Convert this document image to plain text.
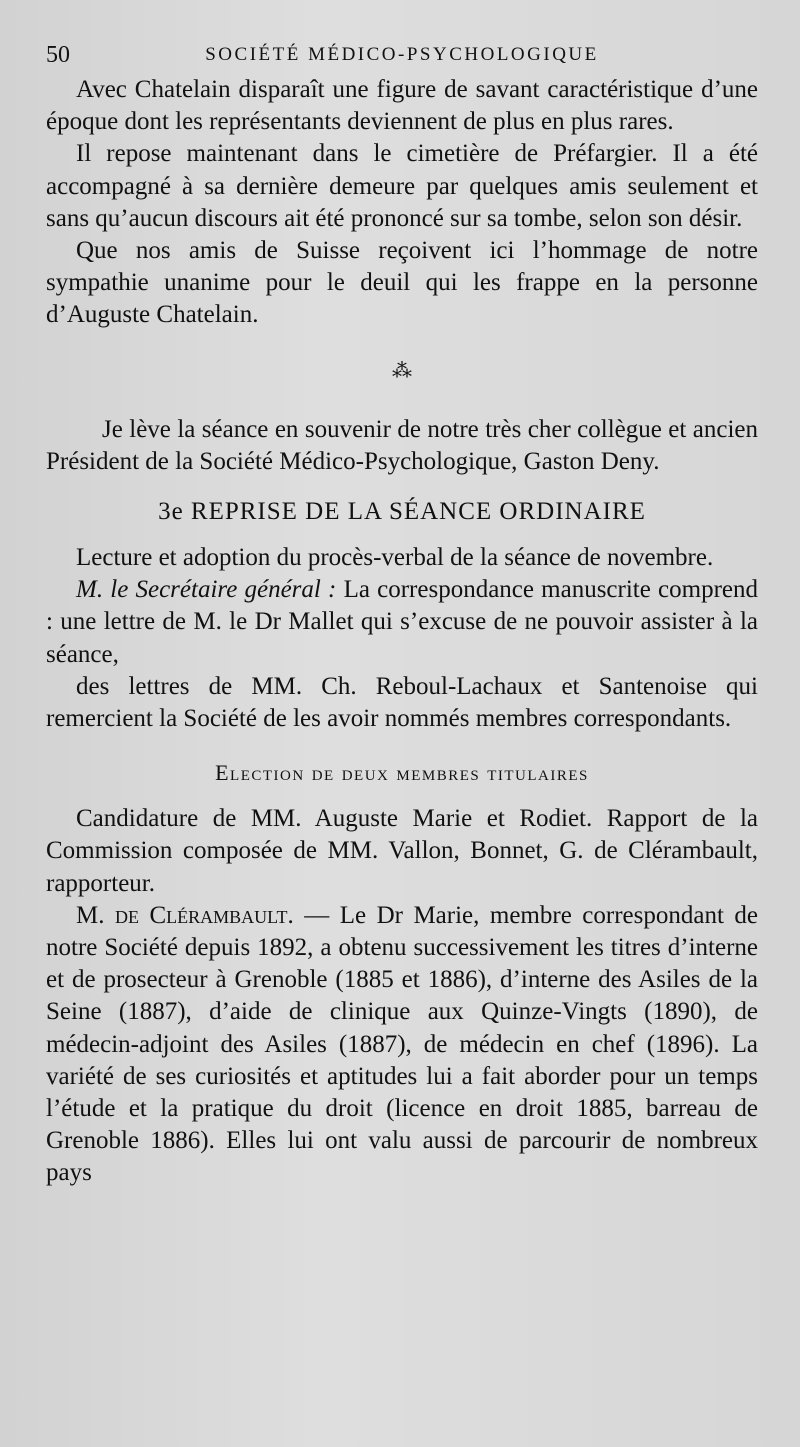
50	SOCIÉTÉ MÉDICO-PSYCHOLOGIQUE

Avec Chatelain disparaît une figure de savant caractéristique d’une époque dont les représentants deviennent de plus en plus rares.

Il repose maintenant dans le cimetière de Préfargier. Il a été accompagné à sa dernière demeure par quelques amis seulement et sans qu’aucun discours ait été prononcé sur sa tombe, selon son désir.

Que nos amis de Suisse reçoivent ici l’hommage de notre sympathie unanime pour le deuil qui les frappe en la personne d’Auguste Chatelain.

⁂

Je lève la séance en souvenir de notre très cher collègue et ancien Président de la Société Médico-Psychologique, Gaston Deny.

3e REPRISE DE LA SÉANCE ORDINAIRE

Lecture et adoption du procès-verbal de la séance de novembre.

M. le Secrétaire général : La correspondance manuscrite comprend : une lettre de M. le Dr Mallet qui s’excuse de ne pouvoir assister à la séance,

des lettres de MM. Ch. Reboul-Lachaux et Santenoise qui remercient la Société de les avoir nommés membres correspondants.

Election de deux membres titulaires

Candidature de MM. Auguste Marie et Rodiet. Rapport de la Commission composée de MM. Vallon, Bonnet, G. de Clérambault, rapporteur.

M. de Clérambault. — Le Dr Marie, membre correspondant de notre Société depuis 1892, a obtenu successivement les titres d’interne et de prosecteur à Grenoble (1885 et 1886), d’interne des Asiles de la Seine (1887), d’aide de clinique aux Quinze-Vingts (1890), de médecin-adjoint des Asiles (1887), de médecin en chef (1896). La variété de ses curiosités et aptitudes lui a fait aborder pour un temps l’étude et la pratique du droit (licence en droit 1885, barreau de Grenoble 1886). Elles lui ont valu aussi de parcourir de nombreux pays
